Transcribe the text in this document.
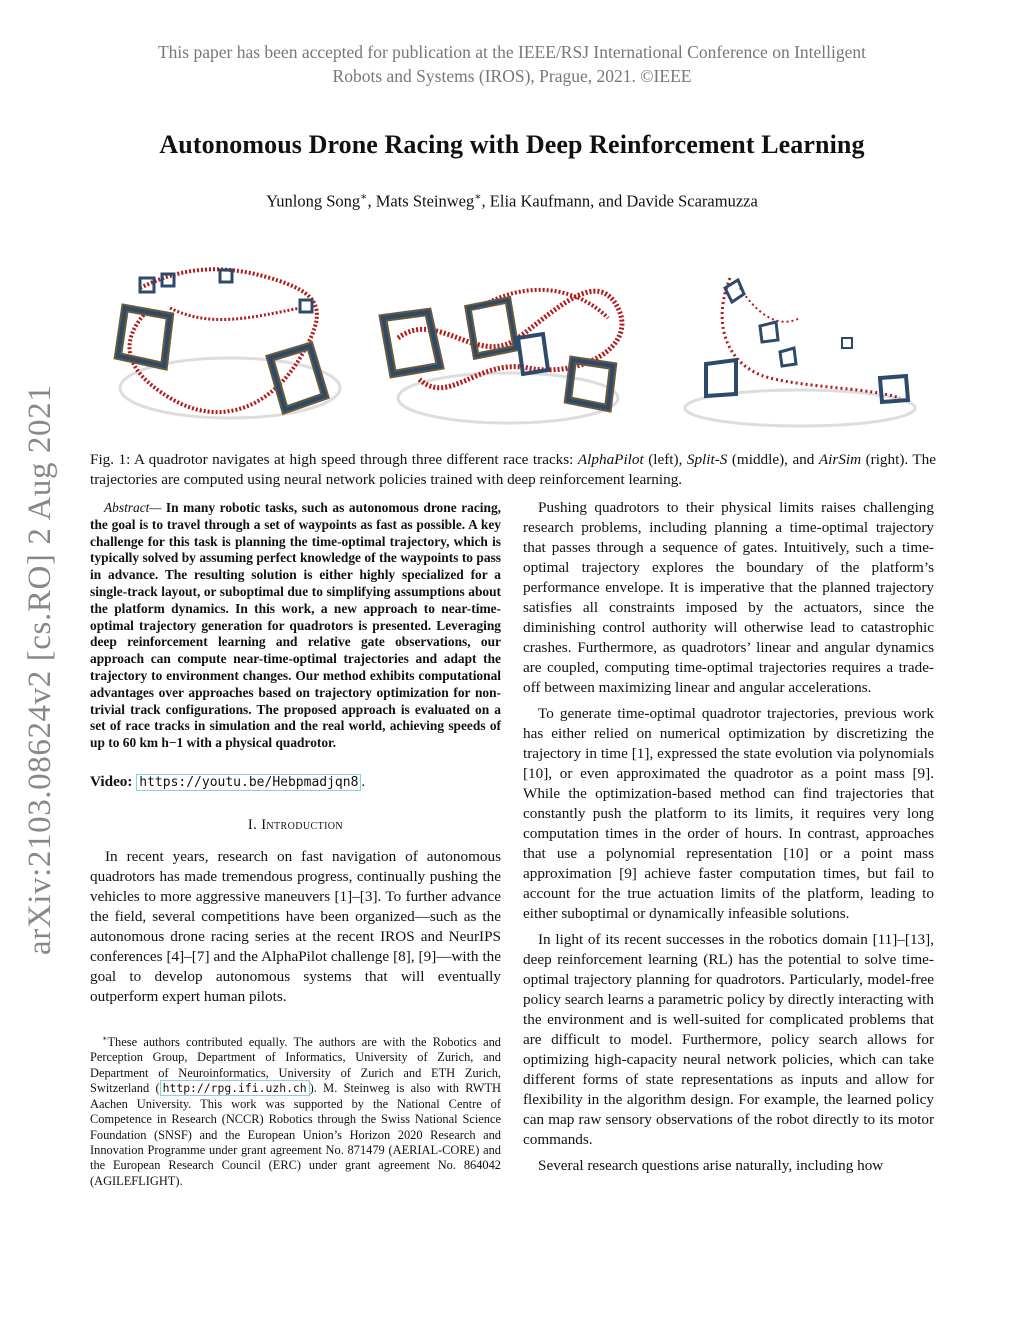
This paper has been accepted for publication at the IEEE/RSJ International Conference on Intelligent
Robots and Systems (IROS), Prague, 2021. ©IEEE
Autonomous Drone Racing with Deep Reinforcement Learning
Yunlong Song∗, Mats Steinweg∗, Elia Kaufmann, and Davide Scaramuzza
arXiv:2103.08624v2 [cs.RO] 2 Aug 2021	Fig. 1: A quadrotor navigates at high speed through three different race tracks: AlphaPilot (left), Split-S (middle), and AirSim (right). The trajectories are computed using neural network policies trained with deep reinforcement learning.

Abstract— In many robotic tasks, such as autonomous drone racing, the goal is to travel through a set of waypoints as fast as possible. A key challenge for this task is planning the time-optimal trajectory, which is typically solved by assuming perfect knowledge of the waypoints to pass in advance. The resulting solution is either highly specialized for a single-track layout, or suboptimal due to simplifying assumptions about the platform dynamics. In this work, a new approach to near-time-optimal trajectory generation for quadrotors is presented. Leveraging deep reinforcement learning and relative gate observations, our approach can compute near-time-optimal trajectories and adapt the trajectory to environment changes. Our method exhibits computational advantages over approaches based on trajectory optimization for non-trivial track configurations. The proposed approach is evaluated on a set of race tracks in simulation and the real world, achieving speeds of up to 60 km h−1 with a physical quadrotor.

Video: https://youtu.be/Hebpmadjqn8 .
I. Introduction

In recent years, research on fast navigation of autonomous quadrotors has made tremendous progress, continually pushing the vehicles to more aggressive maneuvers [1]–[3]. To further advance the field, several competitions have been organized—such as the autonomous drone racing series at the recent IROS and NeurIPS conferences [4]–[7] and the AlphaPilot challenge [8], [9]—with the goal to develop autonomous systems that will eventually outperform expert human pilots.

∗These authors contributed equally. The authors are with the Robotics and Perception Group, Department of Informatics, University of Zurich, and Department of Neuroinformatics, University of Zurich and ETH Zurich, Switzerland ( http://rpg.ifi.uzh.ch ). M. Steinweg is also with RWTH Aachen University. This work was supported by the National Centre of Competence in Research (NCCR) Robotics through the Swiss National Science Foundation (SNSF) and the European Union’s Horizon 2020 Research and Innovation Programme under grant agreement No. 871479 (AERIAL-CORE) and the European Research Council (ERC) under grant agreement No. 864042 (AGILEFLIGHT).

Pushing quadrotors to their physical limits raises challenging research problems, including planning a time-optimal trajectory that passes through a sequence of gates. Intuitively, such a time-optimal trajectory explores the boundary of the platform’s performance envelope. It is imperative that the planned trajectory satisfies all constraints imposed by the actuators, since the diminishing control authority will otherwise lead to catastrophic crashes. Furthermore, as quadrotors’ linear and angular dynamics are coupled, computing time-optimal trajectories requires a trade-off between maximizing linear and angular accelerations.

To generate time-optimal quadrotor trajectories, previous work has either relied on numerical optimization by discretizing the trajectory in time [1], expressed the state evolution via polynomials [10], or even approximated the quadrotor as a point mass [9]. While the optimization-based method can find trajectories that constantly push the platform to its limits, it requires very long computation times in the order of hours. In contrast, approaches that use a polynomial representation [10] or a point mass approximation [9] achieve faster computation times, but fail to account for the true actuation limits of the platform, leading to either suboptimal or dynamically infeasible solutions.

In light of its recent successes in the robotics domain [11]–[13], deep reinforcement learning (RL) has the potential to solve time-optimal trajectory planning for quadrotors. Particularly, model-free policy search learns a parametric policy by directly interacting with the environment and is well-suited for complicated problems that are difficult to model. Furthermore, policy search allows for optimizing high-capacity neural network policies, which can take different forms of state representations as inputs and allow for flexibility in the algorithm design. For example, the learned policy can map raw sensory observations of the robot directly to its motor commands.

Several research questions arise naturally, including how
